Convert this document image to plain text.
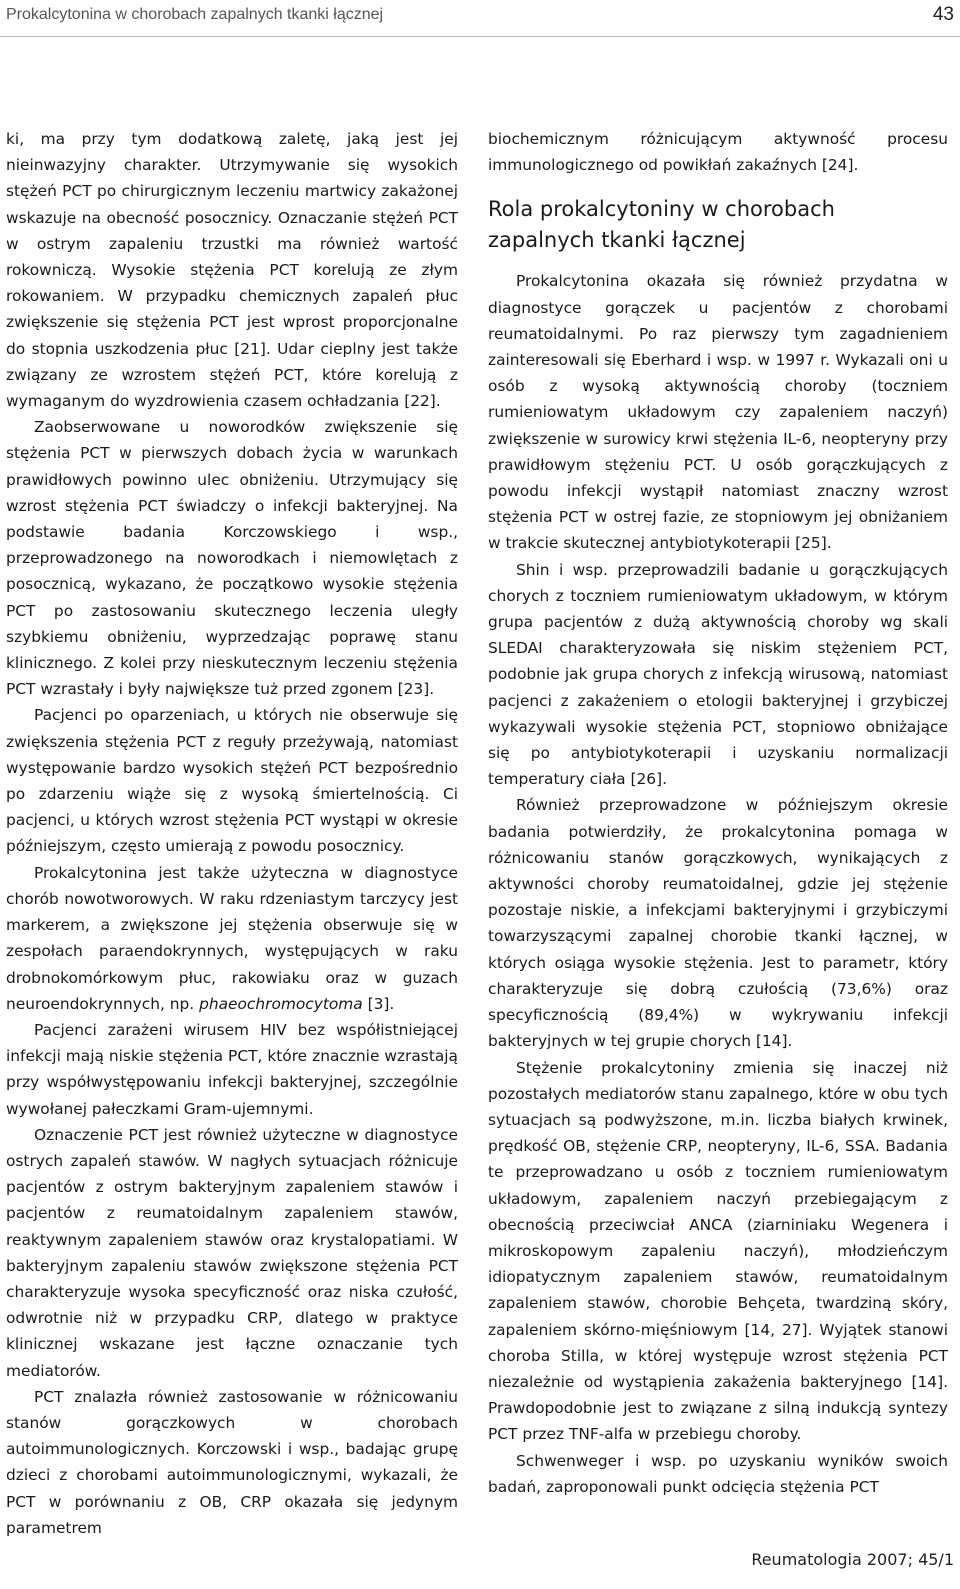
Prokalcytonina w chorobach zapalnych tkanki łącznej	43

ki, ma przy tym dodatkową zaletę, jaką jest jej nieinwazyjny charakter. Utrzymywanie się wysokich stężeń PCT po chirurgicznym leczeniu martwicy zakażonej wskazuje na obecność posocznicy. Oznaczanie stężeń PCT w ostrym zapaleniu trzustki ma również wartość rokowniczą. Wysokie stężenia PCT korelują ze złym rokowaniem. W przypadku chemicznych zapaleń płuc zwiększenie się stężenia PCT jest wprost proporcjonalne do stopnia uszkodzenia płuc [21]. Udar cieplny jest także związany ze wzrostem stężeń PCT, które korelują z wymaganym do wyzdrowienia czasem ochładzania [22].

Zaobserwowane u noworodków zwiększenie się stężenia PCT w pierwszych dobach życia w warunkach prawidłowych powinno ulec obniżeniu. Utrzymujący się wzrost stężenia PCT świadczy o infekcji bakteryjnej. Na podstawie badania Korczowskiego i wsp., przeprowadzonego na noworodkach i niemowlętach z posocznicą, wykazano, że początkowo wysokie stężenia PCT po zastosowaniu skutecznego leczenia uległy szybkiemu obniżeniu, wyprzedzając poprawę stanu klinicznego. Z kolei przy nieskutecznym leczeniu stężenia PCT wzrastały i były największe tuż przed zgonem [23].

Pacjenci po oparzeniach, u których nie obserwuje się zwiększenia stężenia PCT z reguły przeżywają, natomiast występowanie bardzo wysokich stężeń PCT bezpośrednio po zdarzeniu wiąże się z wysoką śmiertelnością. Ci pacjenci, u których wzrost stężenia PCT wystąpi w okresie późniejszym, często umierają z powodu posocznicy.

Prokalcytonina jest także użyteczna w diagnostyce chorób nowotworowych. W raku rdzeniastym tarczycy jest markerem, a zwiększone jej stężenia obserwuje się w zespołach paraendokrynnych, występujących w raku drobnokomórkowym płuc, rakowiaku oraz w guzach neuroendokrynnych, np. phaeochromocytoma [3].

Pacjenci zarażeni wirusem HIV bez współistniejącej infekcji mają niskie stężenia PCT, które znacznie wzrastają przy współwystępowaniu infekcji bakteryjnej, szczególnie wywołanej pałeczkami Gram-ujemnymi.

Oznaczenie PCT jest również użyteczne w diagnostyce ostrych zapaleń stawów. W nagłych sytuacjach różnicuje pacjentów z ostrym bakteryjnym zapaleniem stawów i pacjentów z reumatoidalnym zapaleniem stawów, reaktywnym zapaleniem stawów oraz krystalopatiami. W bakteryjnym zapaleniu stawów zwiększone stężenia PCT charakteryzuje wysoka specyficzność oraz niska czułość, odwrotnie niż w przypadku CRP, dlatego w praktyce klinicznej wskazane jest łączne oznaczanie tych mediatorów.

PCT znalazła również zastosowanie w różnicowaniu stanów gorączkowych w chorobach autoimmunologicznych. Korczowski i wsp., badając grupę dzieci z chorobami autoimmunologicznymi, wykazali, że PCT w porównaniu z OB, CRP okazała się jedynym parametrem

biochemicznym różnicującym aktywność procesu immunologicznego od powikłań zakaźnych [24].

Rola prokalcytoniny w chorobach zapalnych tkanki łącznej

Prokalcytonina okazała się również przydatna w diagnostyce gorączek u pacjentów z chorobami reumatoidalnymi. Po raz pierwszy tym zagadnieniem zainteresowali się Eberhard i wsp. w 1997 r. Wykazali oni u osób z wysoką aktywnością choroby (toczniem rumieniowatym układowym czy zapaleniem naczyń) zwiększenie w surowicy krwi stężenia IL-6, neopteryny przy prawidłowym stężeniu PCT. U osób gorączkujących z powodu infekcji wystąpił natomiast znaczny wzrost stężenia PCT w ostrej fazie, ze stopniowym jej obniżaniem w trakcie skutecznej antybiotykoterapii [25].

Shin i wsp. przeprowadzili badanie u gorączkujących chorych z toczniem rumieniowatym układowym, w którym grupa pacjentów z dużą aktywnością choroby wg skali SLEDAI charakteryzowała się niskim stężeniem PCT, podobnie jak grupa chorych z infekcją wirusową, natomiast pacjenci z zakażeniem o etologii bakteryjnej i grzybiczej wykazywali wysokie stężenia PCT, stopniowo obniżające się po antybiotykoterapii i uzyskaniu normalizacji temperatury ciała [26].

Również przeprowadzone w późniejszym okresie badania potwierdziły, że prokalcytonina pomaga w różnicowaniu stanów gorączkowych, wynikających z aktywności choroby reumatoidalnej, gdzie jej stężenie pozostaje niskie, a infekcjami bakteryjnymi i grzybiczymi towarzyszącymi zapalnej chorobie tkanki łącznej, w których osiąga wysokie stężenia. Jest to parametr, który charakteryzuje się dobrą czułością (73,6%) oraz specyficznością (89,4%) w wykrywaniu infekcji bakteryjnych w tej grupie chorych [14].

Stężenie prokalcytoniny zmienia się inaczej niż pozostałych mediatorów stanu zapalnego, które w obu tych sytuacjach są podwyższone, m.in. liczba białych krwinek, prędkość OB, stężenie CRP, neopteryny, IL-6, SSA. Badania te przeprowadzano u osób z toczniem rumieniowatym układowym, zapaleniem naczyń przebiegającym z obecnością przeciwciał ANCA (ziarniniaku Wegenera i mikroskopowym zapaleniu naczyń), młodzieńczym idiopatycznym zapaleniem stawów, reumatoidalnym zapaleniem stawów, chorobie Behçeta, twardziną skóry, zapaleniem skórno-mięśniowym [14, 27]. Wyjątek stanowi choroba Stilla, w której występuje wzrost stężenia PCT niezależnie od wystąpienia zakażenia bakteryjnego [14]. Prawdopodobnie jest to związane z silną indukcją syntezy PCT przez TNF-alfa w przebiegu choroby.

Schwenweger i wsp. po uzyskaniu wyników swoich badań, zaproponowali punkt odcięcia stężenia PCT

Reumatologia 2007; 45/1
